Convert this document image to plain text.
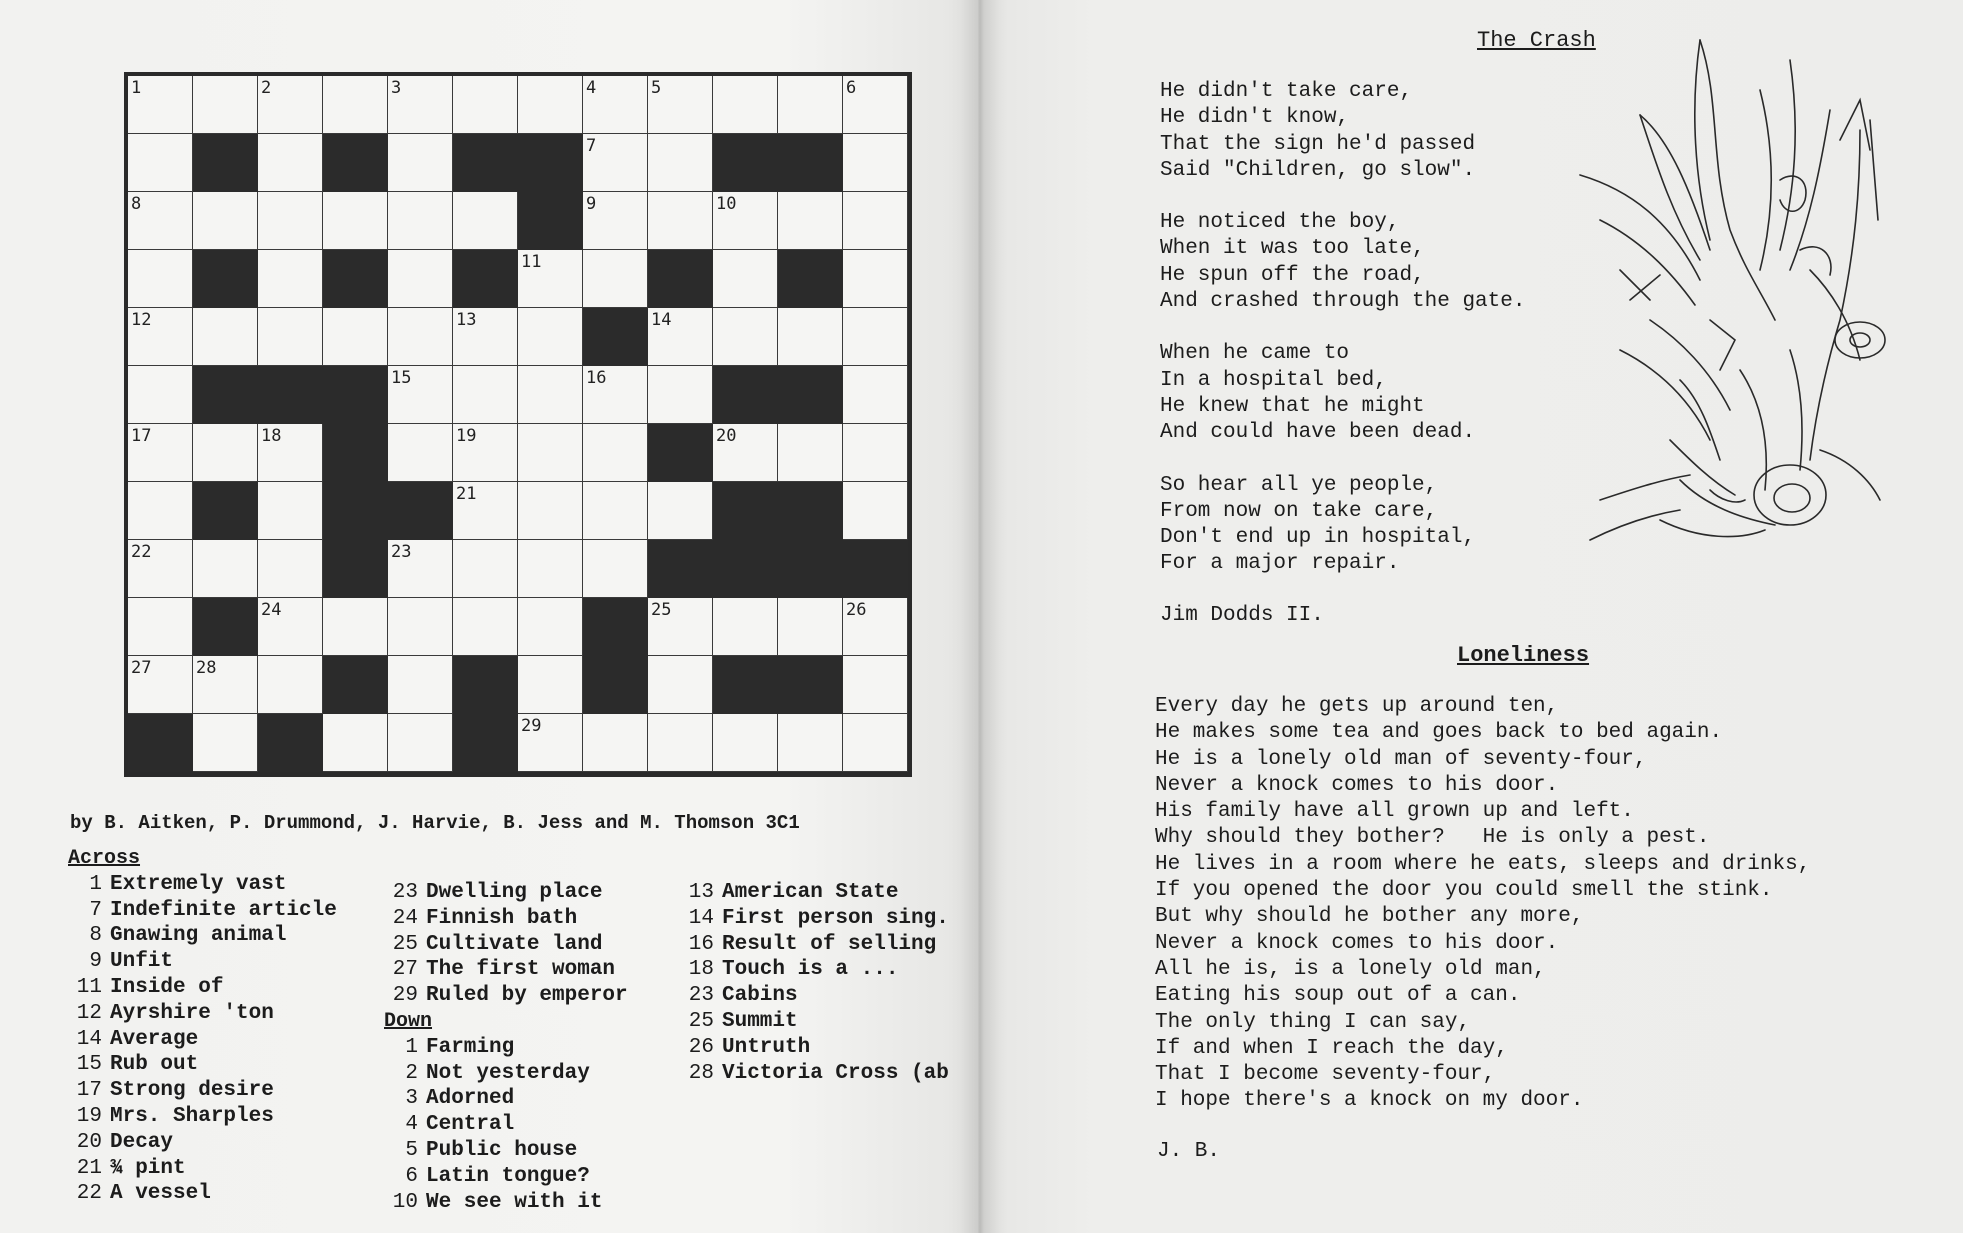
1	2	3	4	5	6
7
8	9	10
11
12	13	14
15	16
17	18	19	20
21
22	23
24	25	26
27	28
29
by B. Aitken, P. Drummond, J. Harvie, B. Jess and M. Thomson 3C1
Across
1 Extremely vast
7 Indefinite article
8 Gnawing animal
9 Unfit
11 Inside of
12 Ayrshire 'ton
14 Average
15 Rub out
17 Strong desire
19 Mrs. Sharples
20 Decay
21 ¾ pint
22 A vessel
23 Dwelling place
24 Finnish bath
25 Cultivate land
27 The first woman
29 Ruled by emperor
Down
1 Farming
2 Not yesterday
3 Adorned
4 Central
5 Public house
6 Latin tongue?
10 We see with it
13 American State
14 First person sing.
16 Result of selling
18 Touch is a ...
23 Cabins
25 Summit
26 Untruth
28 Victoria Cross (ab
The Crash
He didn't take care,
He didn't know,
That the sign he'd passed
Said "Children, go slow".
He noticed the boy,
When it was too late,
He spun off the road,
And crashed through the gate.
When he came to
In a hospital bed,
He knew that he might
And could have been dead.
So hear all ye people,
From now on take care,
Don't end up in hospital,
For a major repair.
Jim Dodds II.
Loneliness
Every day he gets up around ten,
He makes some tea and goes back to bed again.
He is a lonely old man of seventy-four,
Never a knock comes to his door.
His family have all grown up and left.
Why should they bother?   He is only a pest.
He lives in a room where he eats, sleeps and drinks,
If you opened the door you could smell the stink.
But why should he bother any more,
Never a knock comes to his door.
All he is, is a lonely old man,
Eating his soup out of a can.
The only thing I can say,
If and when I reach the day,
That I become seventy-four,
I hope there's a knock on my door.
J. B.
